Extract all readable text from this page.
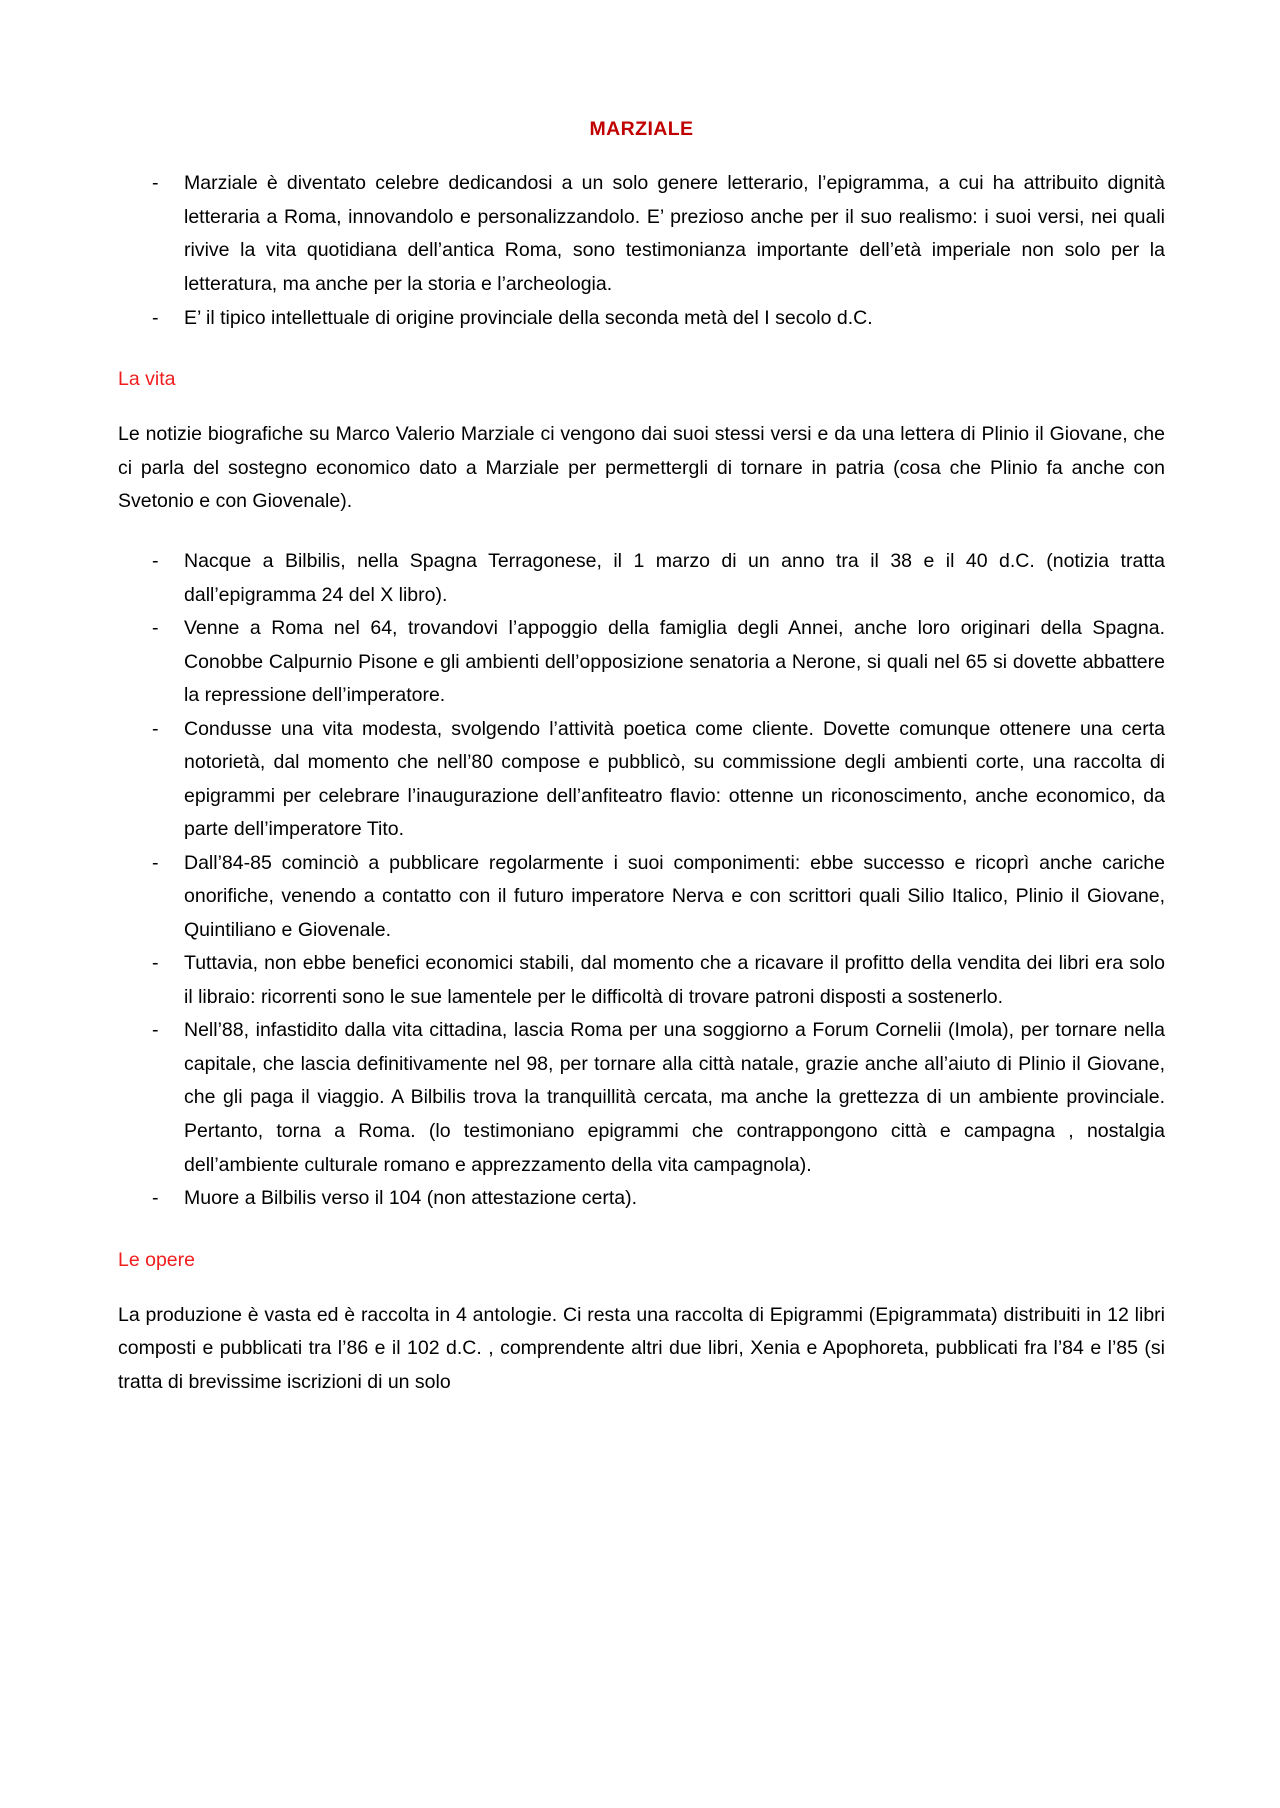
MARZIALE
-	Marziale è diventato celebre dedicandosi a un solo genere letterario, l’epigramma, a cui ha attribuito dignità letteraria a Roma, innovandolo e personalizzandolo. E’ prezioso anche per il suo realismo: i suoi versi, nei quali rivive la vita quotidiana dell’antica Roma, sono testimonianza importante dell’età imperiale non solo per la letteratura, ma anche per la storia e l’archeologia.
-	E’ il tipico intellettuale di origine provinciale della seconda metà del I secolo d.C.
La vita

Le notizie biografiche su Marco Valerio Marziale ci vengono dai suoi stessi versi e da una lettera di Plinio il Giovane, che ci parla del sostegno economico dato a Marziale per permettergli di tornare in patria (cosa che Plinio fa anche con Svetonio e con Giovenale).

-	Nacque a Bilbilis, nella Spagna Terragonese, il 1 marzo di un anno tra il 38 e il 40 d.C. (notizia tratta dall’epigramma 24 del X libro).
-	Venne a Roma nel 64, trovandovi l’appoggio della famiglia degli Annei, anche loro originari della Spagna. Conobbe Calpurnio Pisone e gli ambienti dell’opposizione senatoria a Nerone, si quali nel 65 si dovette abbattere la repressione dell’imperatore.
-	Condusse una vita modesta, svolgendo l’attività poetica come cliente. Dovette comunque ottenere una certa notorietà, dal momento che nell’80 compose e pubblicò, su commissione degli ambienti corte, una raccolta di epigrammi per celebrare l’inaugurazione dell’anfiteatro flavio: ottenne un riconoscimento, anche economico, da parte dell’imperatore Tito.
-	Dall’84-85 cominciò a pubblicare regolarmente i suoi componimenti: ebbe successo e ricoprì anche cariche onorifiche, venendo a contatto con il futuro imperatore Nerva e con scrittori quali Silio Italico, Plinio il Giovane, Quintiliano e Giovenale.
-	Tuttavia, non ebbe benefici economici stabili, dal momento che a ricavare il profitto della vendita dei libri era solo il libraio: ricorrenti sono le sue lamentele per le difficoltà di trovare patroni disposti a sostenerlo.
-	Nell’88, infastidito dalla vita cittadina, lascia Roma per una soggiorno a Forum Cornelii (Imola), per tornare nella capitale, che lascia definitivamente nel 98, per tornare alla città natale, grazie anche all’aiuto di Plinio il Giovane, che gli paga il viaggio. A Bilbilis trova la tranquillità cercata, ma anche la grettezza di un ambiente provinciale. Pertanto, torna a Roma. (lo testimoniano epigrammi che contrappongono città e campagna , nostalgia dell’ambiente culturale romano e apprezzamento della vita campagnola).
-	Muore a Bilbilis verso il 104 (non attestazione certa).
Le opere

La produzione è vasta ed è raccolta in 4 antologie. Ci resta una raccolta di Epigrammi (Epigrammata) distribuiti in 12 libri composti e pubblicati tra l’86 e il 102 d.C. , comprendente altri due libri, Xenia e Apophoreta, pubblicati fra l’84 e l’85 (si tratta di brevissime iscrizioni di un solo
